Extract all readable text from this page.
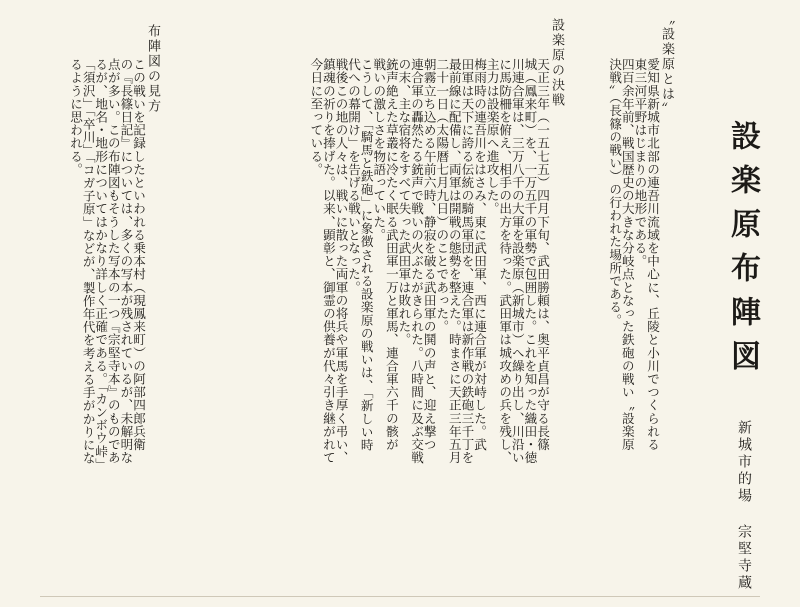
設楽原布陣図
新城市的場 宗堅寺蔵
〝設楽原とは〟
愛知県新城市北部の連吾川流域を中心に、丘陵と小川でつくられる
東三河平野はじまりの地形である。
四百余年前、戦国歴史の大きな分岐点となった鉄砲の戦い〝設楽原
決戦〟（長篠の戦い）の行われた場所である。
設楽原の決戦
天正三年（一五七五）四月下旬、武田勝頼は、奥平貞昌が守る長篠
城（鳳来町）を、一万五千の軍勢で包囲した。これを知った織田・徳
川連合軍は、三万八千の大軍を設楽原（新城市）へ繰り出し、川沿い
に馬防柵を俯え、相手の出方を待った。武田軍は城攻めの兵を残し、
主力は設楽原へ進攻した。
梅雨時の連吾川をはさみ、東に武田軍、西に連合軍が対峙した。武
田軍は天下に誇る伝統の騎馬軍団を、連合軍は新作戦の鉄砲三千丁を
最前線に配備し、両軍は開戦の態勢を整えた。時まさに天正三年五月
二十一日（太陽暦七月九日）のことであった。
朝霧立ち込める午前六時、静寂を破る武田軍の鬨の声と、迎え撃つ
連合軍の轟然たる銃声で戦いの火ぶたがきられた。八時間に及ぶ交戦
の末、主な宿将をすべて失った武田軍は敗れた。
銃声絶えた草叢に冷たく眠る武田軍一万と軍馬、連合軍六千の骸が
戦いの激しさを物語っていた。
こうして、「騎馬と鉄砲」に象徴される設楽原の戦いは、「新しい時
代への幕開け」を告げる戦いとなった。
戦後この地の人々は、戦いに散った両軍の将兵や軍馬を手厚く弔い、
鎮魂の祈りを捧げた。以来、顕彰と、御霊の供養が代々引き継がれて
今日に至っている。
布陣図の見方
この戦いを記録したといわれる乗本村（現鳳来町）の阿部四郎兵衛
の『長篠日記』については、多くの写本が残されているが、未解明な
点が多い。この布陣図もそうした写本の一つ『宗堅寺本』のものであ
るが、地名・地形についてはかなり詳しく正確である。「カンボウ峠」
「須沢」「卒川」「コガ子原」などが、製作年代を考える手がかりにな
るように思われる。
